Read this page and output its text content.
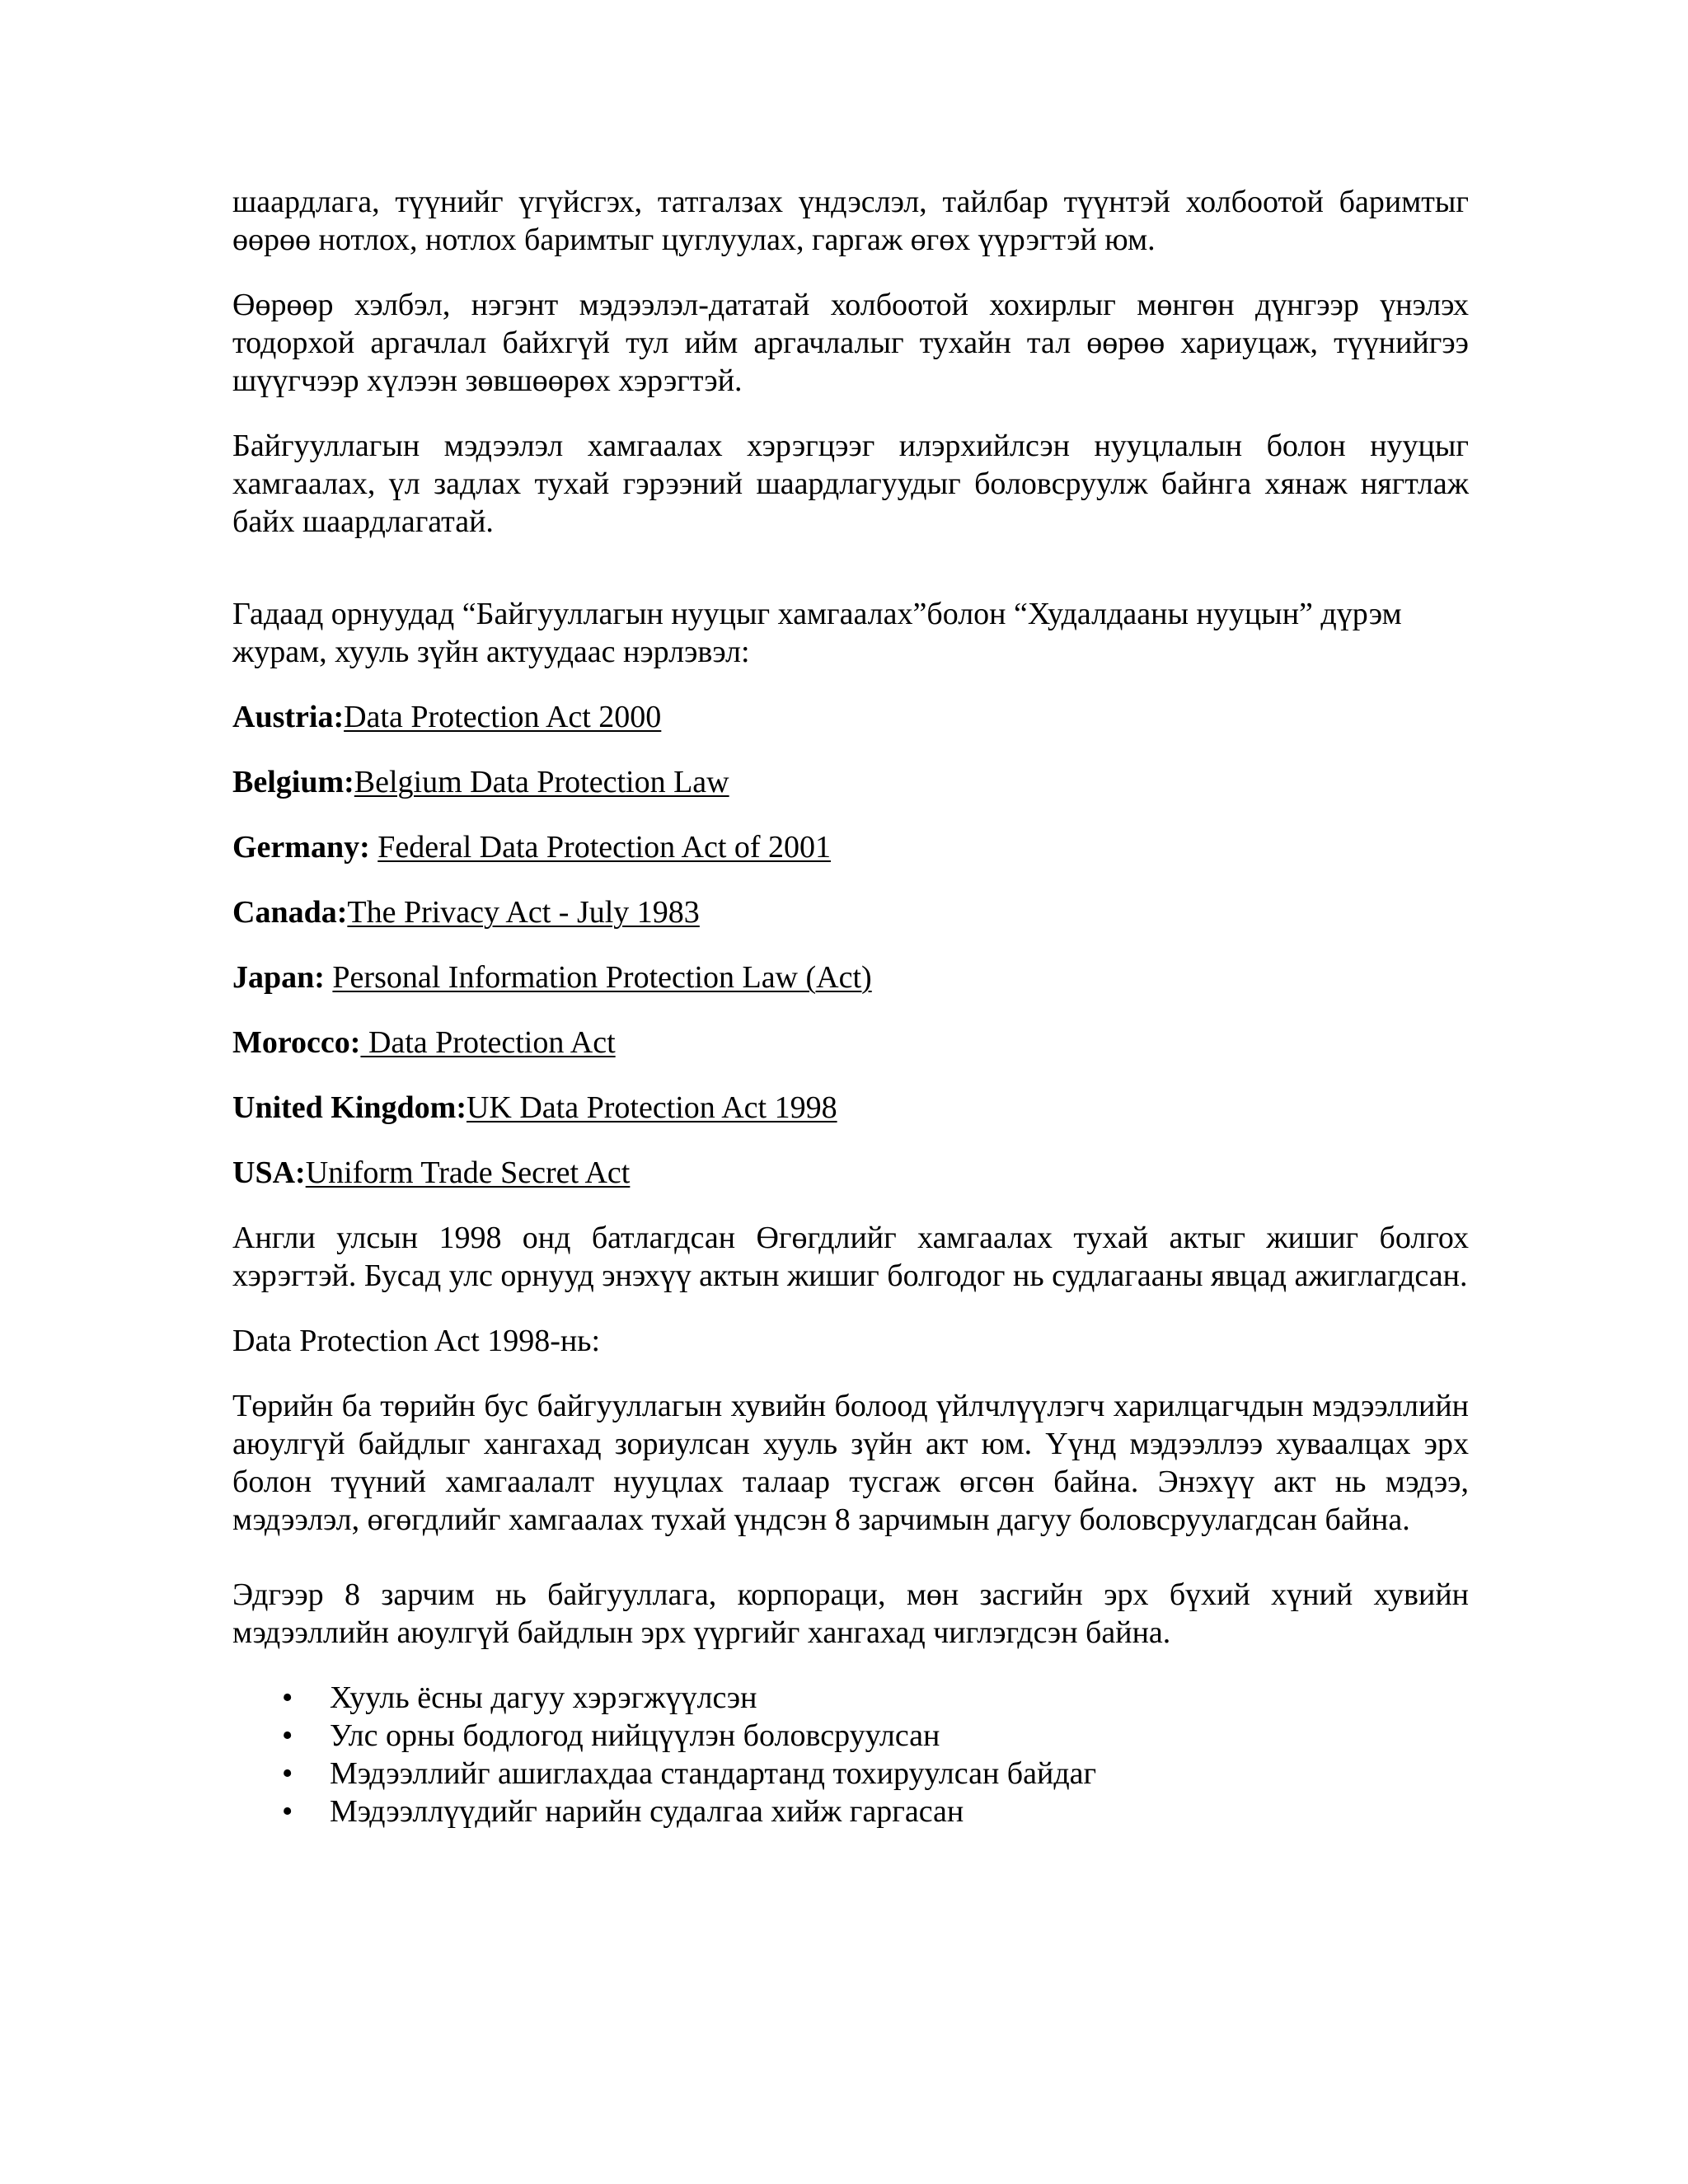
шаардлага, түүнийг үгүйсгэх, татгалзах үндэслэл, тайлбар түүнтэй холбоотой баримтыг өөрөө нотлох, нотлох баримтыг цуглуулах, гаргаж өгөх үүрэгтэй юм.

Өөрөөр хэлбэл, нэгэнт мэдээлэл-дататай холбоотой хохирлыг мөнгөн дүнгээр үнэлэх тодорхой аргачлал байхгүй тул ийм аргачлалыг тухайн тал өөрөө хариуцаж, түүнийгээ шүүгчээр хүлээн зөвшөөрөх хэрэгтэй.

Байгууллагын мэдээлэл хамгаалах хэрэгцээг илэрхийлсэн нууцлалын болон нууцыг хамгаалах, үл задлах тухай гэрээний шаардлагуудыг боловсруулж байнга хянаж нягтлаж байх шаардлагатай.

Гадаад орнуудад “Байгууллагын нууцыг хамгаалах”болон “Худалдааны нууцын” дүрэм журам, хууль зүйн актуудаас нэрлэвэл:

Austria:Data Protection Act 2000

Belgium:Belgium Data Protection Law

Germany: Federal Data Protection Act of 2001

Canada:The Privacy Act - July 1983

Japan: Personal Information Protection Law (Act)

Morocco: Data Protection Act

United Kingdom:UK Data Protection Act 1998

USA:Uniform Trade Secret Act

Англи улсын 1998 онд батлагдсан Өгөгдлийг хамгаалах тухай актыг жишиг болгох хэрэгтэй. Бусад улс орнууд энэхүү актын жишиг болгодог нь судлагааны явцад ажиглагдсан.

Data Protection Act 1998-нь:

Төрийн ба төрийн бус байгууллагын хувийн болоод үйлчлүүлэгч харилцагчдын мэдээллийн аюулгүй байдлыг хангахад зориулсан хууль зүйн акт юм. Үүнд мэдээллээ хуваалцах эрх болон түүний хамгаалалт нууцлах талаар тусгаж өгсөн байна. Энэхүү акт нь мэдээ, мэдээлэл, өгөгдлийг хамгаалах тухай үндсэн 8 зарчимын дагуу боловсруулагдсан байна.

Эдгээр 8 зарчим нь байгууллага, корпораци, мөн засгийн эрх бүхий хүний хувийн мэдээллийн аюулгүй байдлын эрх үүргийг хангахад чиглэгдсэн байна.

• Хууль ёсны дагуу хэрэгжүүлсэн
• Улс орны бодлогод нийцүүлэн боловсруулсан
• Мэдээллийг ашиглахдаа стандартанд тохируулсан байдаг
• Мэдээллүүдийг нарийн судалгаа хийж гаргасан
